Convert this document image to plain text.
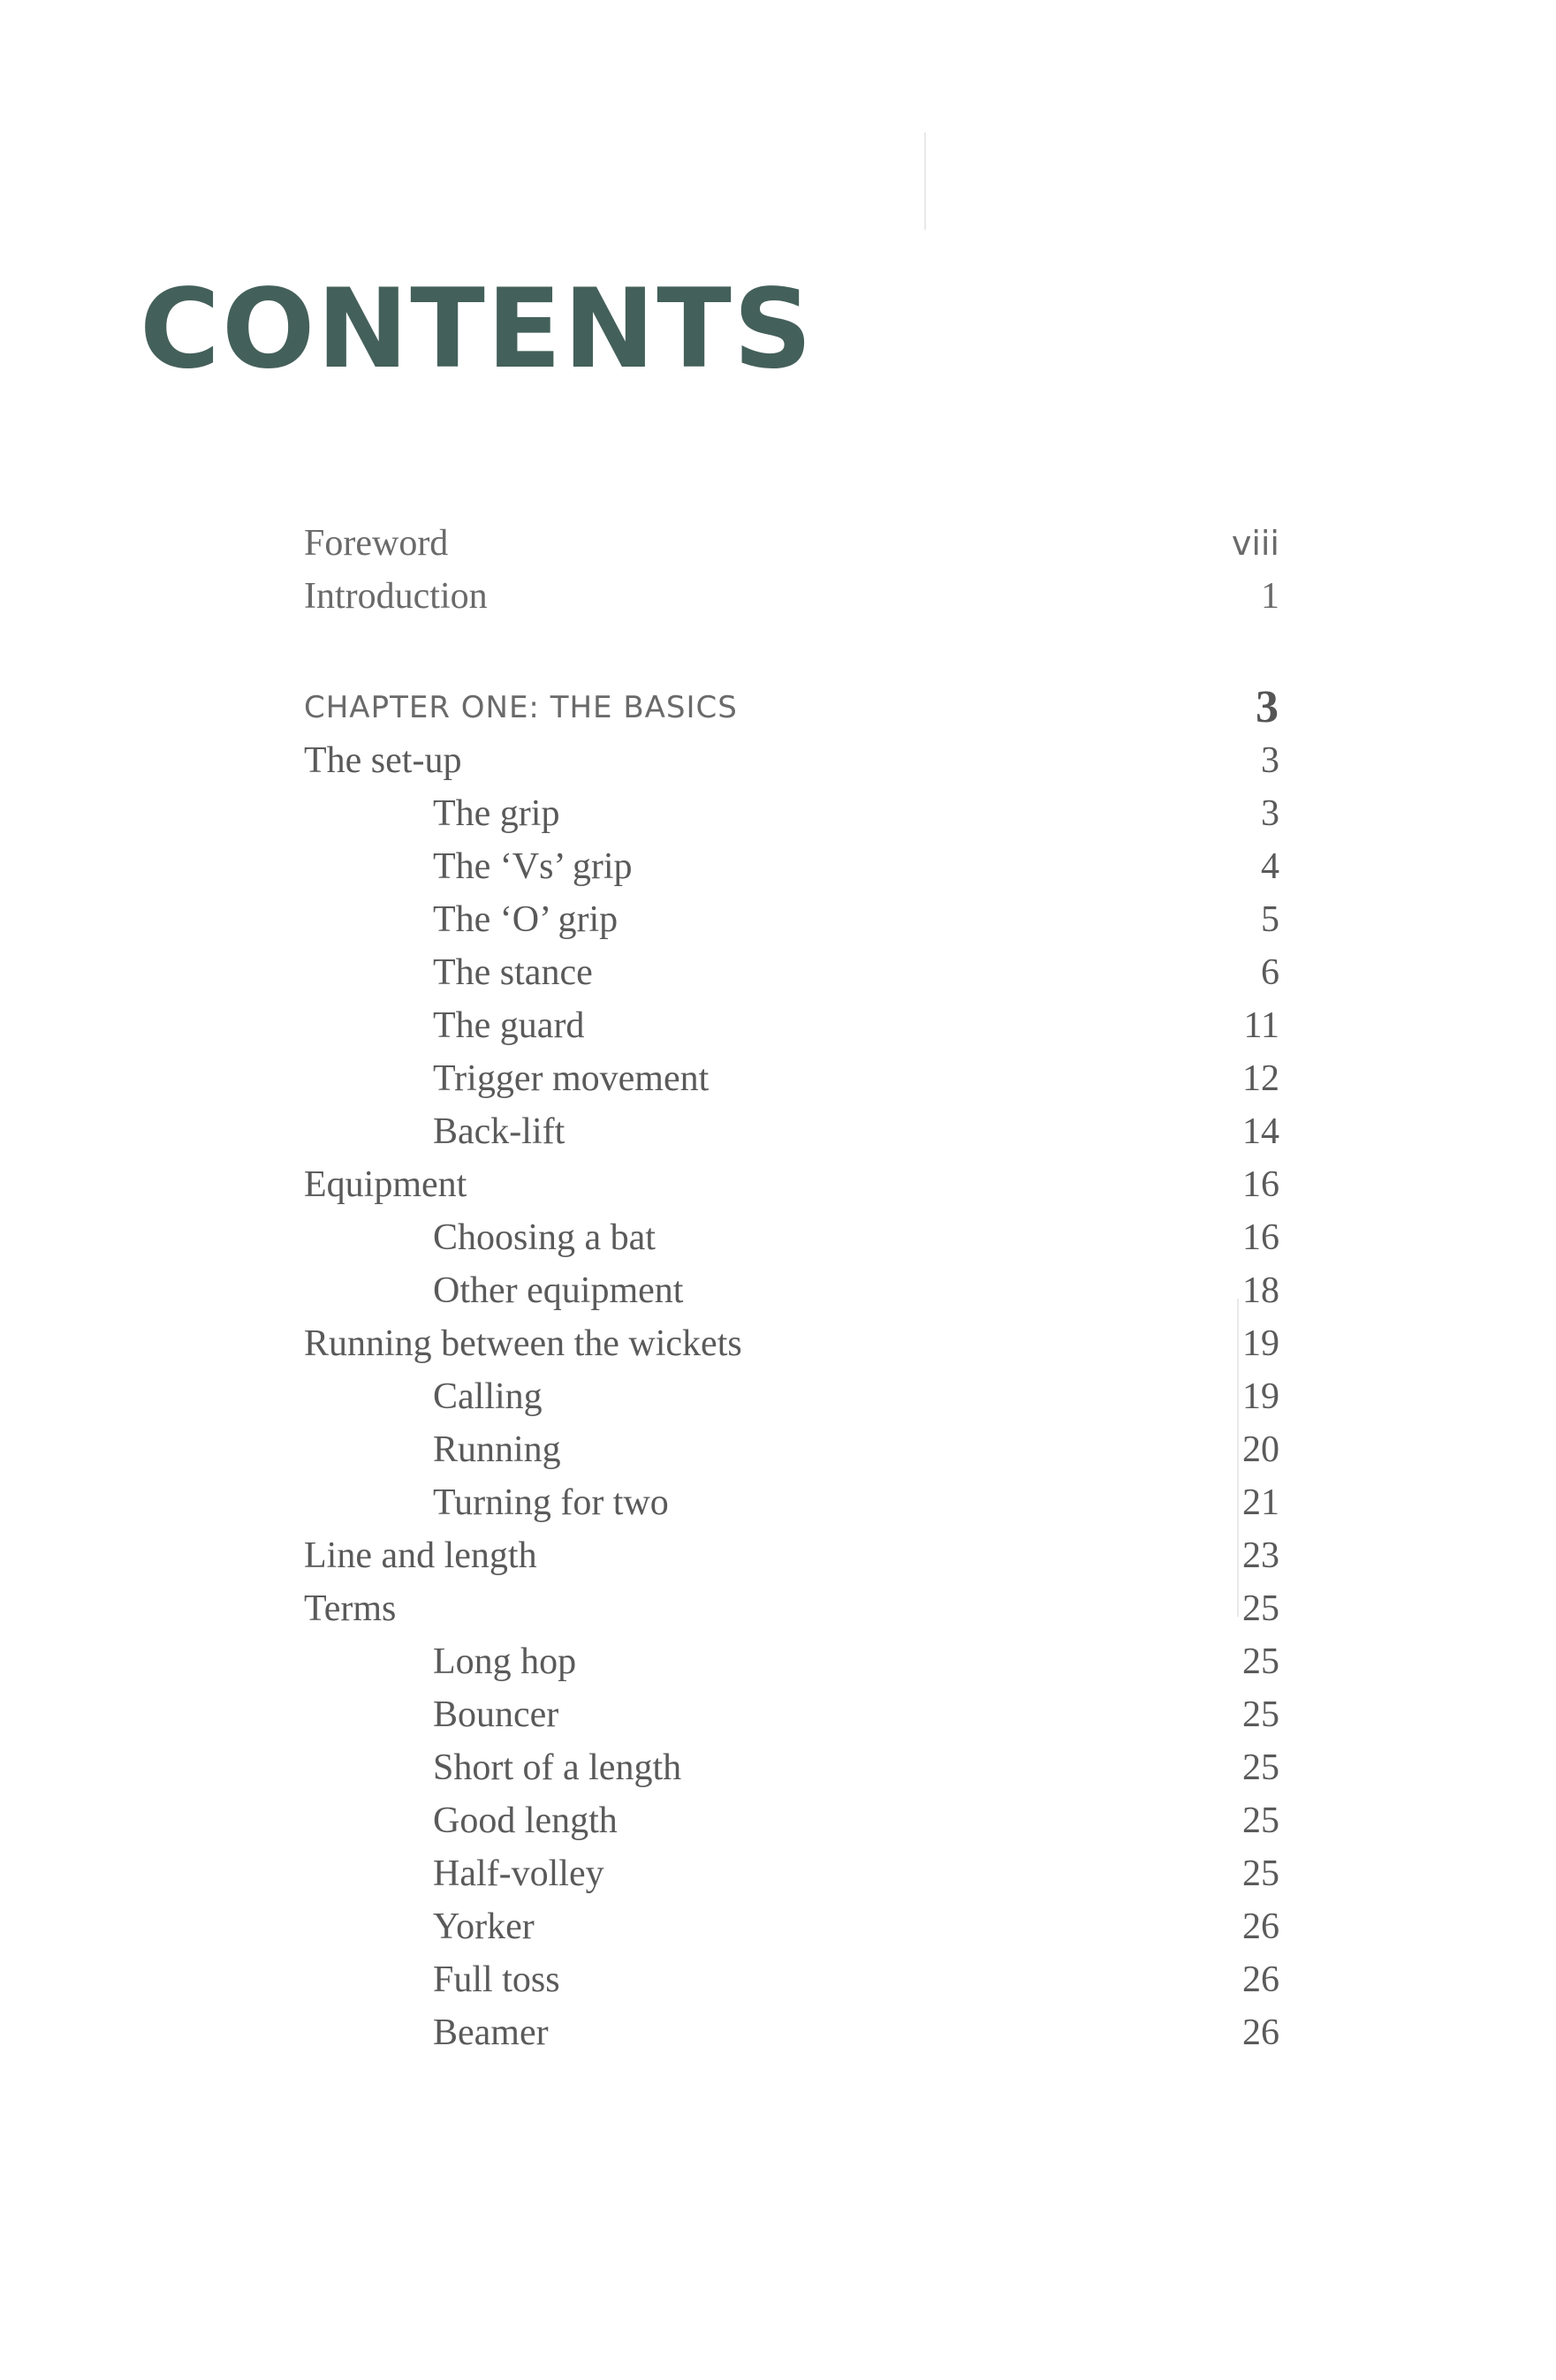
CONTENTS
Foreword	viii
Introduction	1
CHAPTER ONE: THE BASICS	3
The set-up	3
The grip	3
The ‘Vs’ grip	4
The ‘O’ grip	5
The stance	6
The guard	11
Trigger movement	12
Back-lift	14
Equipment	16
Choosing a bat	16
Other equipment	18
Running between the wickets	19
Calling	19
Running	20
Turning for two	21
Line and length	23
Terms	25
Long hop	25
Bouncer	25
Short of a length	25
Good length	25
Half-volley	25
Yorker	26
Full toss	26
Beamer	26
